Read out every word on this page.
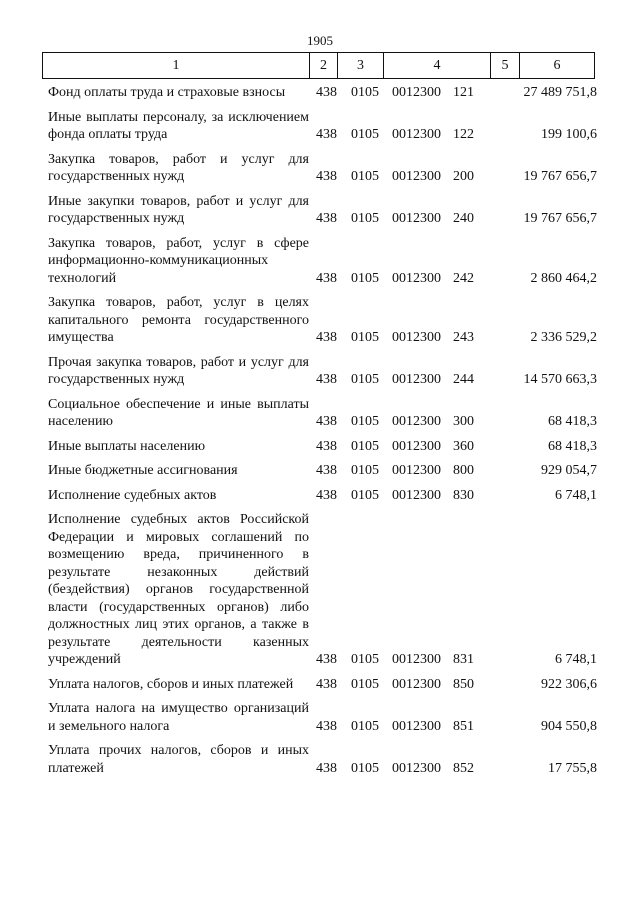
1905
1	2	3	4	5	6
Фонд оплаты труда и страховые взносы	438 0105 0012300 121	27 489 751,8
Иные выплаты персоналу, за исключением фонда оплаты труда	438 0105 0012300 122	199 100,6
Закупка товаров, работ и услуг для государственных нужд	438 0105 0012300 200	19 767 656,7
Иные закупки товаров, работ и услуг для государственных нужд	438 0105 0012300 240	19 767 656,7
Закупка товаров, работ, услуг в сфере информационно-коммуникационных технологий	438 0105 0012300 242	2 860 464,2
Закупка товаров, работ, услуг в целях капитального ремонта государственного имущества	438 0105 0012300 243	2 336 529,2
Прочая закупка товаров, работ и услуг для государственных нужд	438 0105 0012300 244	14 570 663,3
Социальное обеспечение и иные выплаты населению	438 0105 0012300 300	68 418,3
Иные выплаты населению	438 0105 0012300 360	68 418,3
Иные бюджетные ассигнования	438 0105 0012300 800	929 054,7
Исполнение судебных актов	438 0105 0012300 830	6 748,1
Исполнение судебных актов Российской Федерации и мировых соглашений по возмещению вреда, причиненного в результате незаконных действий (бездействия) органов государственной власти (государственных органов) либо должностных лиц этих органов, а также в результате деятельности казенных учреждений	438 0105 0012300 831	6 748,1
Уплата налогов, сборов и иных платежей	438 0105 0012300 850	922 306,6
Уплата налога на имущество организаций и земельного налога	438 0105 0012300 851	904 550,8
Уплата прочих налогов, сборов и иных платежей	438 0105 0012300 852	17 755,8
